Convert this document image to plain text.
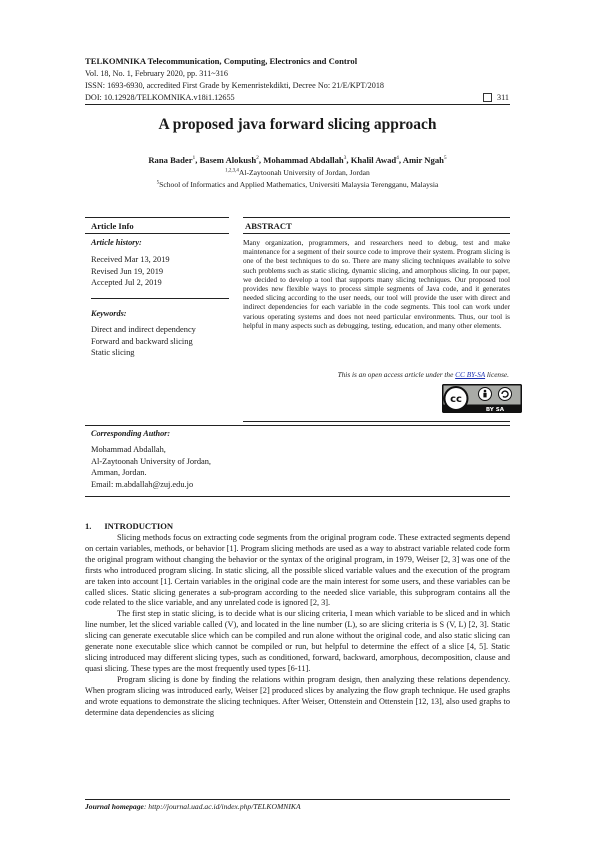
TELKOMNIKA Telecommunication, Computing, Electronics and Control
Vol. 18, No. 1, February 2020, pp. 311~316
ISSN: 1693-6930, accredited First Grade by Kemenristekdikti, Decree No: 21/E/KPT/2018
DOI: 10.12928/TELKOMNIKA.v18i1.12655	311
A proposed java forward slicing approach
Rana Bader$^1$, Basem Alokush$^2$, Mohammad Abdallah$^3$, Khalil Awad$^4$, Amir Ngah$^5$
$^{1,2,3,4}$Al-Zaytoonah University of Jordan, Jordan
$^5$School of Informatics and Applied Mathematics, Universiti Malaysia Terengganu, Malaysia
Article Info	ABSTRACT
Article history:
Received Mar 13, 2019
Revised Jun 19, 2019
Accepted Jul 2, 2019
Keywords:
Direct and indirect dependency
Forward and backward slicing
Static slicing
Many organization, programmers, and researchers need to debug, test and make maintenance for a segment of their source code to improve their system. Program slicing is one of the best techniques to do so. There are many slicing techniques available to solve such problems such as static slicing, dynamic slicing, and amorphous slicing. In our paper, we decided to develop a tool that supports many slicing techniques. Our proposed tool provides new flexible ways to process simple segments of Java code, and it generates needed slicing according to the user needs, our tool will provide the user with direct and indirect dependencies for each variable in the code segments. This tool can work under various operating systems and does not need particular environments. Thus, our tool is helpful in many aspects such as debugging, testing, education, and many other elements.
This is an open access article under the CC BY-SA license.
cc
BY SA
Corresponding Author:
Mohammad Abdallah,
Al-Zaytoonah University of Jordan,
Amman, Jordan.
Email: m.abdallah@zuj.edu.jo
1.      INTRODUCTION

Slicing methods focus on extracting code segments from the original program code. These extracted segments depend on certain variables, methods, or behavior [1]. Program slicing methods are used as a way to abstract variable related code form the original program without changing the behavior or the syntax of the original program, in 1979, Weiser [2, 3] was one of the firsts who introduced program slicing. In static slicing, all the possible sliced variable values and the execution of the program are taken into account [1]. Certain variables in the original code are the main interest for some users, and these variables can be called slices. Static slicing generates a sub-program according to the needed slice variable, this subprogram contains all the code related to the slice variable, and any unrelated code is ignored [2, 3].

The first step in static slicing, is to decide what is our slicing criteria, I mean which variable to be sliced and in which line number, let the sliced variable called (V), and located in the line number (L), so are slicing criteria is S (V, L) [2, 3]. Static slicing can generate executable slice which can be compiled and run alone without the original code, and also static slicing can generate none executable slice which cannot be compiled or run, but helpful to determine the effect of a slice [4, 5]. Static slicing introduced may different slicing types, such as conditioned, forward, backward, amorphous, decomposition, clause and quasi slicing. These types are the most frequently used types [6-11].

Program slicing is done by finding the relations within program design, then analyzing these relations dependency. When program slicing was introduced early, Weiser [2] produced slices by analyzing the flow graph technique. He used graphs and wrote equations to demonstrate the slicing techniques. After Weiser, Ottenstein and Ottenstein [12, 13], also used graphs to determine data dependencies as slicing

Journal homepage: http://journal.uad.ac.id/index.php/TELKOMNIKA
